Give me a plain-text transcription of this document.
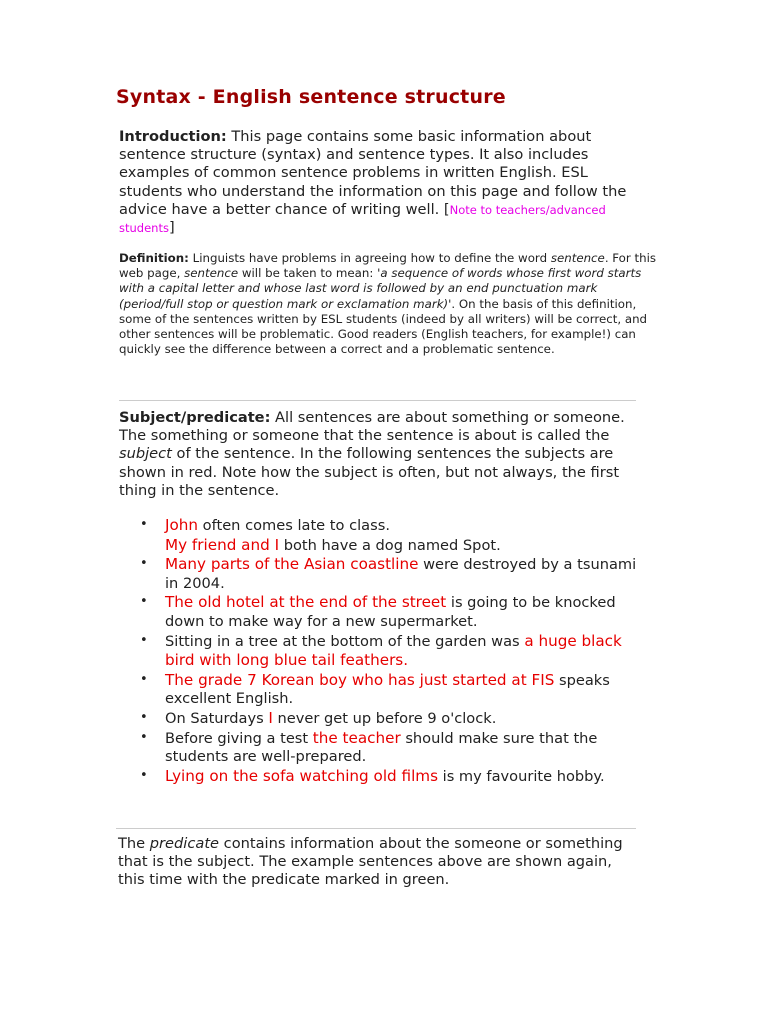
Syntax - English sentence structure

Introduction: This page contains some basic information about sentence structure (syntax) and sentence types. It also includes examples of common sentence problems in written English. ESL students who understand the information on this page and follow the advice have a better chance of writing well. [Note to teachers/advanced students]

Definition: Linguists have problems in agreeing how to define the word sentence. For this web page, sentence will be taken to mean: 'a sequence of words whose first word starts with a capital letter and whose last word is followed by an end punctuation mark (period/full stop or question mark or exclamation mark)'. On the basis of this definition, some of the sentences written by ESL students (indeed by all writers) will be correct, and other sentences will be problematic. Good readers (English teachers, for example!) can quickly see the difference between a correct and a problematic sentence.

Subject/predicate: All sentences are about something or someone. The something or someone that the sentence is about is called the subject of the sentence. In the following sentences the subjects are shown in red. Note how the subject is often, but not always, the first thing in the sentence.

• John often comes late to class.
My friend and I both have a dog named Spot.
• Many parts of the Asian coastline were destroyed by a tsunami in 2004.
• The old hotel at the end of the street is going to be knocked down to make way for a new supermarket.
• Sitting in a tree at the bottom of the garden was a huge black bird with long blue tail feathers.
• The grade 7 Korean boy who has just started at FIS speaks excellent English.
• On Saturdays I never get up before 9 o'clock.
• Before giving a test the teacher should make sure that the students are well-prepared.
• Lying on the sofa watching old films is my favourite hobby.

The predicate contains information about the someone or something that is the subject. The example sentences above are shown again, this time with the predicate marked in green.
